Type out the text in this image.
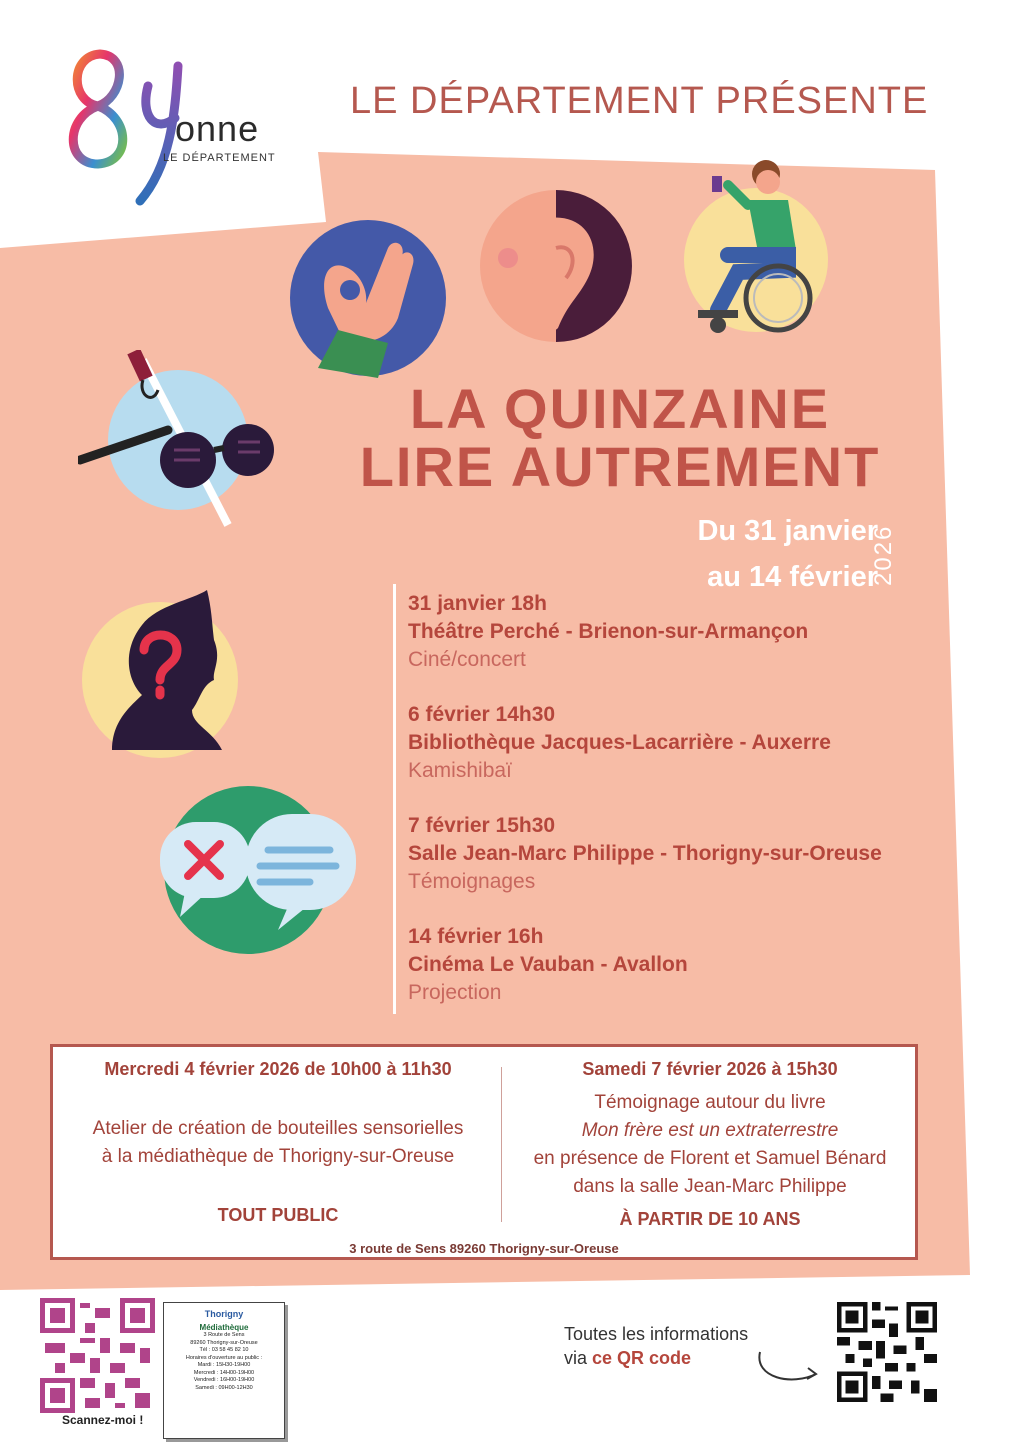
onne
LE DÉPARTEMENT
LE DÉPARTEMENT PRÉSENTE
LA QUINZAINE
LIRE AUTREMENT
Du 31 janvier
au 14 février
2026
31 janvier 18h
Théâtre Perché - Brienon-sur-Armançon
Ciné/concert
6 février 14h30
Bibliothèque Jacques-Lacarrière - Auxerre
Kamishibaï
7 février 15h30
Salle Jean-Marc Philippe - Thorigny-sur-Oreuse
Témoignages
14 février 16h
Cinéma Le Vauban - Avallon
Projection
Mercredi 4 février 2026 de 10h00 à 11h30
Atelier de création de bouteilles sensorielles
à la médiathèque de Thorigny-sur-Oreuse
TOUT PUBLIC
Samedi 7 février 2026 à 15h30
Témoignage autour du livre
Mon frère est un extraterrestre
en présence de Florent et Samuel Bénard
dans la salle Jean-Marc Philippe
À PARTIR DE 10 ANS
3 route de Sens 89260 Thorigny-sur-Oreuse
Scannez-moi !
Thorigny
Médiathèque
3 Route de Sens
89260 Thorigny-sur-Oreuse
Tél : 03 58 45 82 10
Horaires d'ouverture au public :
Mardi : 15H30-19H00
Mercredi : 14H00-19H00
Vendredi : 16H00-19H00
Samedi : 09H00-12H30
Toutes les informations
via ce QR code
